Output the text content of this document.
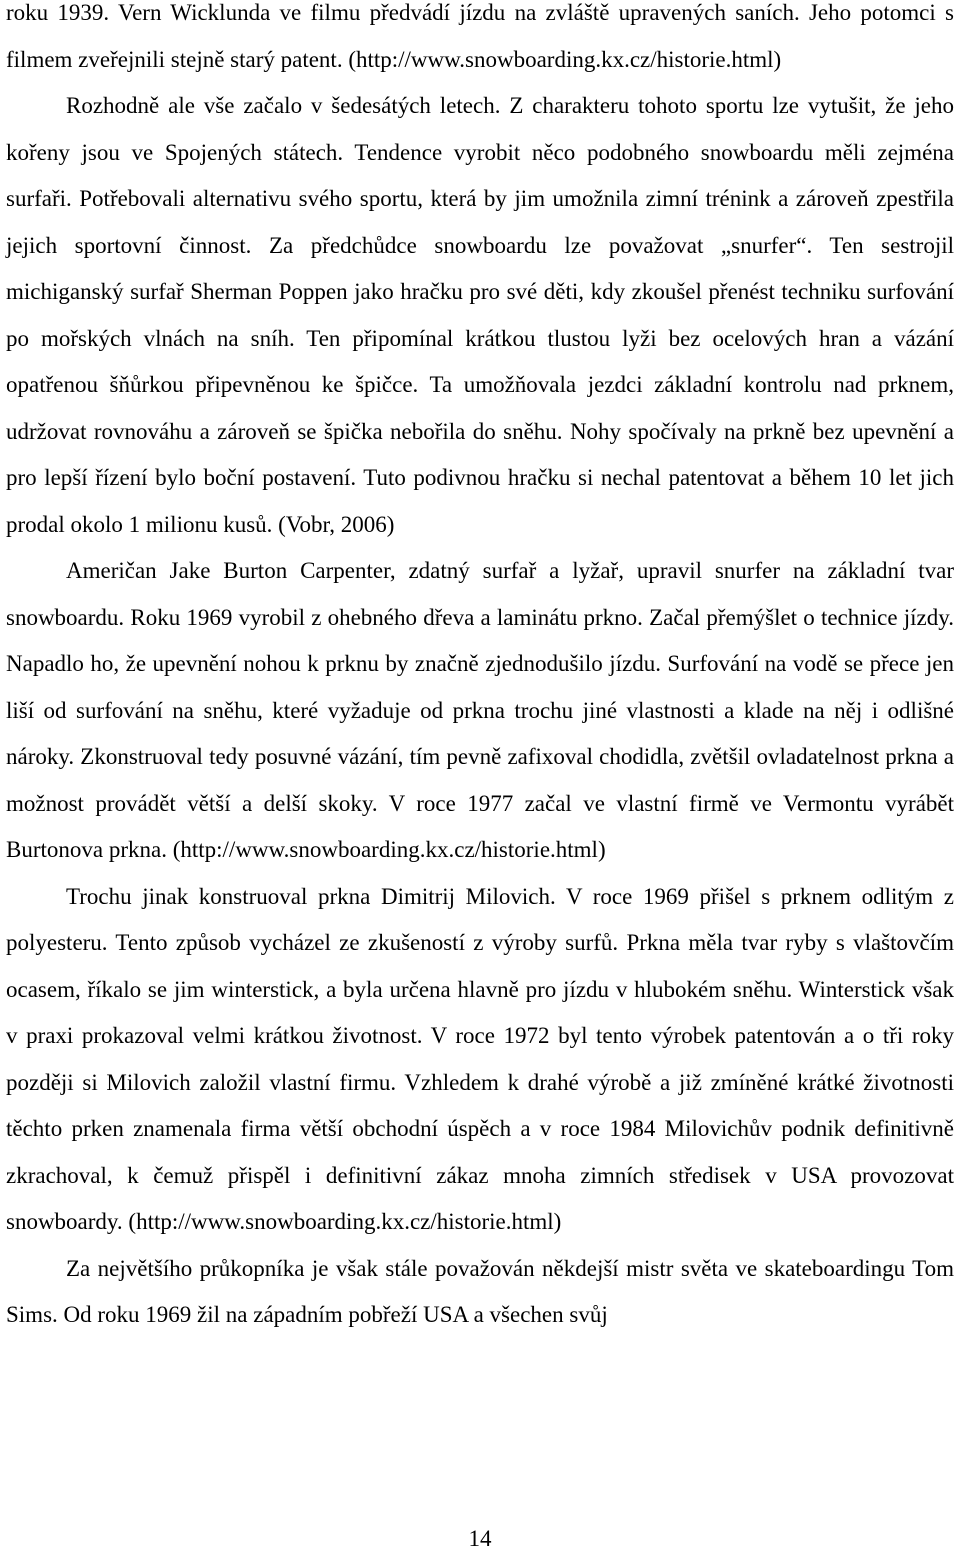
roku 1939. Vern Wicklunda ve filmu předvádí jízdu na zvláště upravených saních. Jeho potomci s filmem zveřejnili stejně starý patent. (http://www.snowboarding.kx.cz/historie.html)

Rozhodně ale vše začalo v šedesátých letech. Z charakteru tohoto sportu lze vytušit, že jeho kořeny jsou ve Spojených státech. Tendence vyrobit něco podobného snowboardu měli zejména surfaři. Potřebovali alternativu svého sportu, která by jim umožnila zimní trénink a zároveň zpestřila jejich sportovní činnost. Za předchůdce snowboardu lze považovat „snurfer“. Ten sestrojil michiganský surfař Sherman Poppen jako hračku pro své děti, kdy zkoušel přenést techniku surfování po mořských vlnách na sníh. Ten připomínal krátkou tlustou lyži bez ocelových hran a vázání opatřenou šňůrkou připevněnou ke špičce. Ta umožňovala jezdci základní kontrolu nad prknem, udržovat rovnováhu a zároveň se špička nebořila do sněhu. Nohy spočívaly na prkně bez upevnění a pro lepší řízení bylo boční postavení. Tuto podivnou hračku si nechal patentovat a během 10 let jich prodal okolo 1 milionu kusů. (Vobr, 2006)

Američan Jake Burton Carpenter, zdatný surfař a lyžař, upravil snurfer na základní tvar snowboardu. Roku 1969 vyrobil z ohebného dřeva a laminátu prkno. Začal přemýšlet o technice jízdy. Napadlo ho, že upevnění nohou k prknu by značně zjednodušilo jízdu. Surfování na vodě se přece jen liší od surfování na sněhu, které vyžaduje od prkna trochu jiné vlastnosti a klade na něj i odlišné nároky. Zkonstruoval tedy posuvné vázání, tím pevně zafixoval chodidla, zvětšil ovladatelnost prkna a možnost provádět větší a delší skoky. V roce 1977 začal ve vlastní firmě ve Vermontu vyrábět Burtonova prkna. (http://www.snowboarding.kx.cz/historie.html)

Trochu jinak konstruoval prkna Dimitrij Milovich. V roce 1969 přišel s prknem odlitým z polyesteru. Tento způsob vycházel ze zkušeností z výroby surfů. Prkna měla tvar ryby s vlaštovčím ocasem, říkalo se jim winterstick, a byla určena hlavně pro jízdu v hlubokém sněhu. Winterstick však v praxi prokazoval velmi krátkou životnost. V roce 1972 byl tento výrobek patentován a o tři roky později si Milovich založil vlastní firmu. Vzhledem k drahé výrobě a již zmíněné krátké životnosti těchto prken znamenala firma větší obchodní úspěch a v roce 1984 Milovichův podnik definitivně zkrachoval, k čemuž přispěl i definitivní zákaz mnoha zimních středisek v USA provozovat snowboardy. (http://www.snowboarding.kx.cz/historie.html)

Za největšího průkopníka je však stále považován někdejší mistr světa ve skateboardingu Tom Sims. Od roku 1969 žil na západním pobřeží USA a všechen svůj

14
